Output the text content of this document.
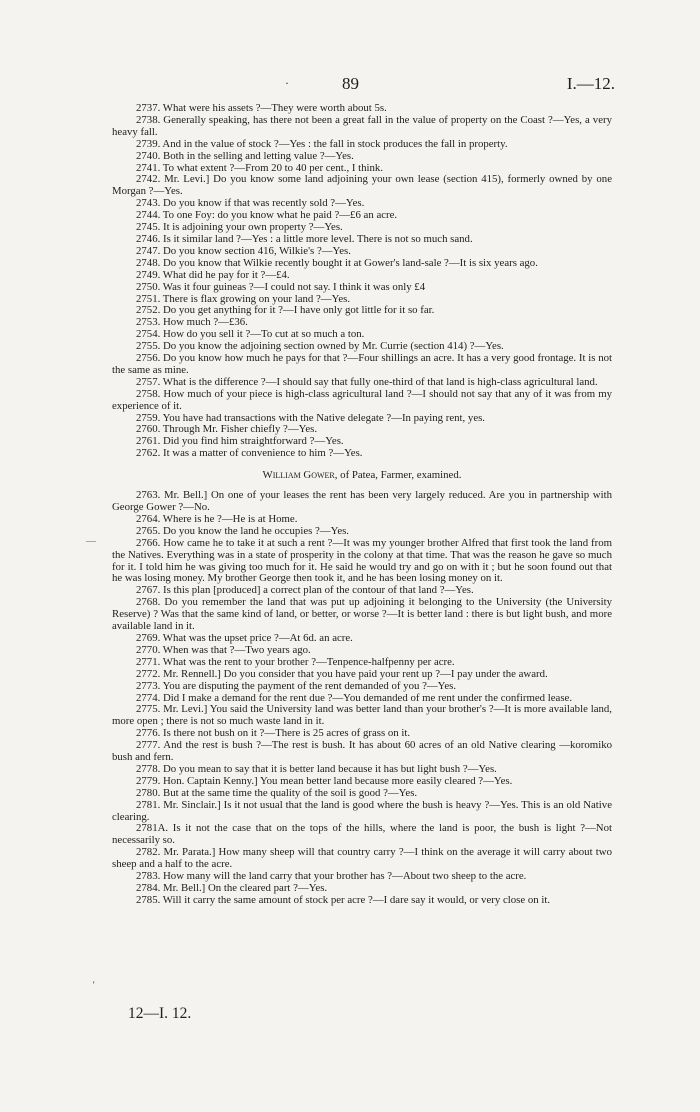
·	89	I.—12.
—
‘

2737. What were his assets ?—They were worth about 5s.

2738. Generally speaking, has there not been a great fall in the value of property on the Coast ?—Yes, a very heavy fall.

2739. And in the value of stock ?—Yes : the fall in stock produces the fall in property.

2740. Both in the selling and letting value ?—Yes.

2741. To what extent ?—From 20 to 40 per cent., I think.

2742. Mr. Levi.] Do you know some land adjoining your own lease (section 415), formerly owned by one Morgan ?—Yes.

2743. Do you know if that was recently sold ?—Yes.

2744. To one Foy: do you know what he paid ?—£6 an acre.

2745. It is adjoining your own property ?—Yes.

2746. Is it similar land ?—Yes : a little more level. There is not so much sand.

2747. Do you know section 416, Wilkie's ?—Yes.

2748. Do you know that Wilkie recently bought it at Gower's land-sale ?—It is six years ago.

2749. What did he pay for it ?—£4.

2750. Was it four guineas ?—I could not say. I think it was only £4

2751. There is flax growing on your land ?—Yes.

2752. Do you get anything for it ?—I have only got little for it so far.

2753. How much ?—£36.

2754. How do you sell it ?—To cut at so much a ton.

2755. Do you know the adjoining section owned by Mr. Currie (section 414) ?—Yes.

2756. Do you know how much he pays for that ?—Four shillings an acre. It has a very good frontage. It is not the same as mine.

2757. What is the difference ?—I should say that fully one-third of that land is high-class agricultural land.

2758. How much of your piece is high-class agricultural land ?—I should not say that any of it was from my experience of it.

2759. You have had transactions with the Native delegate ?—In paying rent, yes.

2760. Through Mr. Fisher chiefly ?—Yes.

2761. Did you find him straightforward ?—Yes.

2762. It was a matter of convenience to him ?—Yes.

William Gower, of Patea, Farmer, examined.

2763. Mr. Bell.] On one of your leases the rent has been very largely reduced. Are you in partnership with George Gower ?—No.

2764. Where is he ?—He is at Home.

2765. Do you know the land he occupies ?—Yes.

2766. How came he to take it at such a rent ?—It was my younger brother Alfred that first took the land from the Natives. Everything was in a state of prosperity in the colony at that time. That was the reason he gave so much for it. I told him he was giving too much for it. He said he would try and go on with it ; but he soon found out that he was losing money. My brother George then took it, and he has been losing money on it.

2767. Is this plan [produced] a correct plan of the contour of that land ?—Yes.

2768. Do you remember the land that was put up adjoining it belonging to the University (the University Reserve) ? Was that the same kind of land, or better, or worse ?—It is better land : there is but light bush, and more available land in it.

2769. What was the upset price ?—At 6d. an acre.

2770. When was that ?—Two years ago.

2771. What was the rent to your brother ?—Tenpence-halfpenny per acre.

2772. Mr. Rennell.] Do you consider that you have paid your rent up ?—I pay under the award.

2773. You are disputing the payment of the rent demanded of you ?—Yes.

2774. Did I make a demand for the rent due ?—You demanded of me rent under the confirmed lease.

2775. Mr. Levi.] You said the University land was better land than your brother's ?—It is more available land, more open ; there is not so much waste land in it.

2776. Is there not bush on it ?—There is 25 acres of grass on it.

2777. And the rest is bush ?—The rest is bush. It has about 60 acres of an old Native clearing —koromiko bush and fern.

2778. Do you mean to say that it is better land because it has but light bush ?—Yes.

2779. Hon. Captain Kenny.] You mean better land because more easily cleared ?—Yes.

2780. But at the same time the quality of the soil is good ?—Yes.

2781. Mr. Sinclair.] Is it not usual that the land is good where the bush is heavy ?—Yes. This is an old Native clearing.

2781A. Is it not the case that on the tops of the hills, where the land is poor, the bush is light ?—Not necessarily so.

2782. Mr. Parata.] How many sheep will that country carry ?—I think on the average it will carry about two sheep and a half to the acre.

2783. How many will the land carry that your brother has ?—About two sheep to the acre.

2784. Mr. Bell.] On the cleared part ?—Yes.

2785. Will it carry the same amount of stock per acre ?—I dare say it would, or very close on it.

12—I. 12.
